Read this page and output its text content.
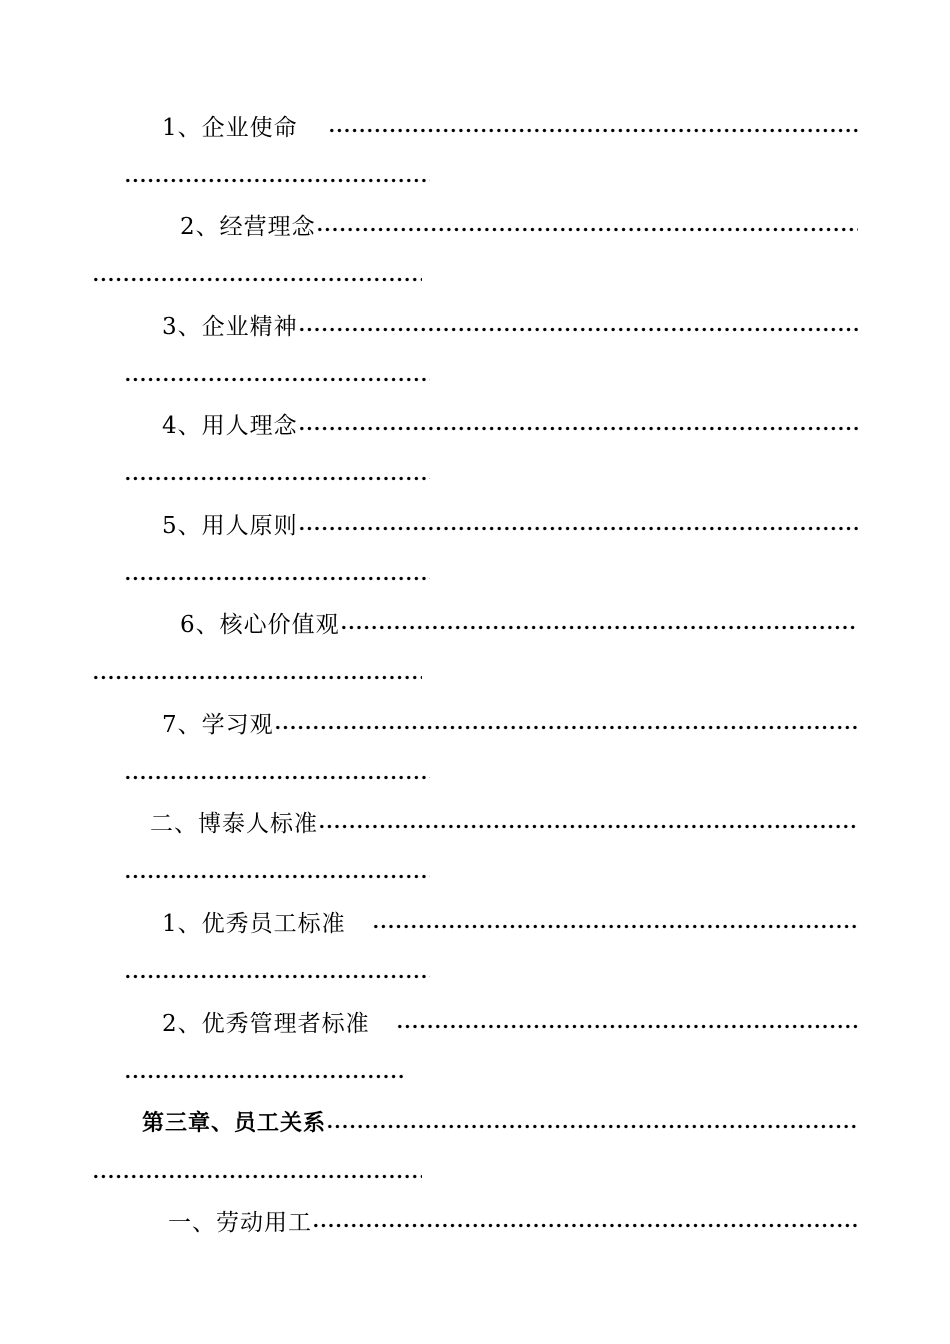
1、企业使命
2、经营理念
3、企业精神
4、用人理念
5、用人原则
6、核心价值观
7、学习观
二、博泰人标准
1、优秀员工标准
2、优秀管理者标准
第三章、员工关系
一、劳动用工
